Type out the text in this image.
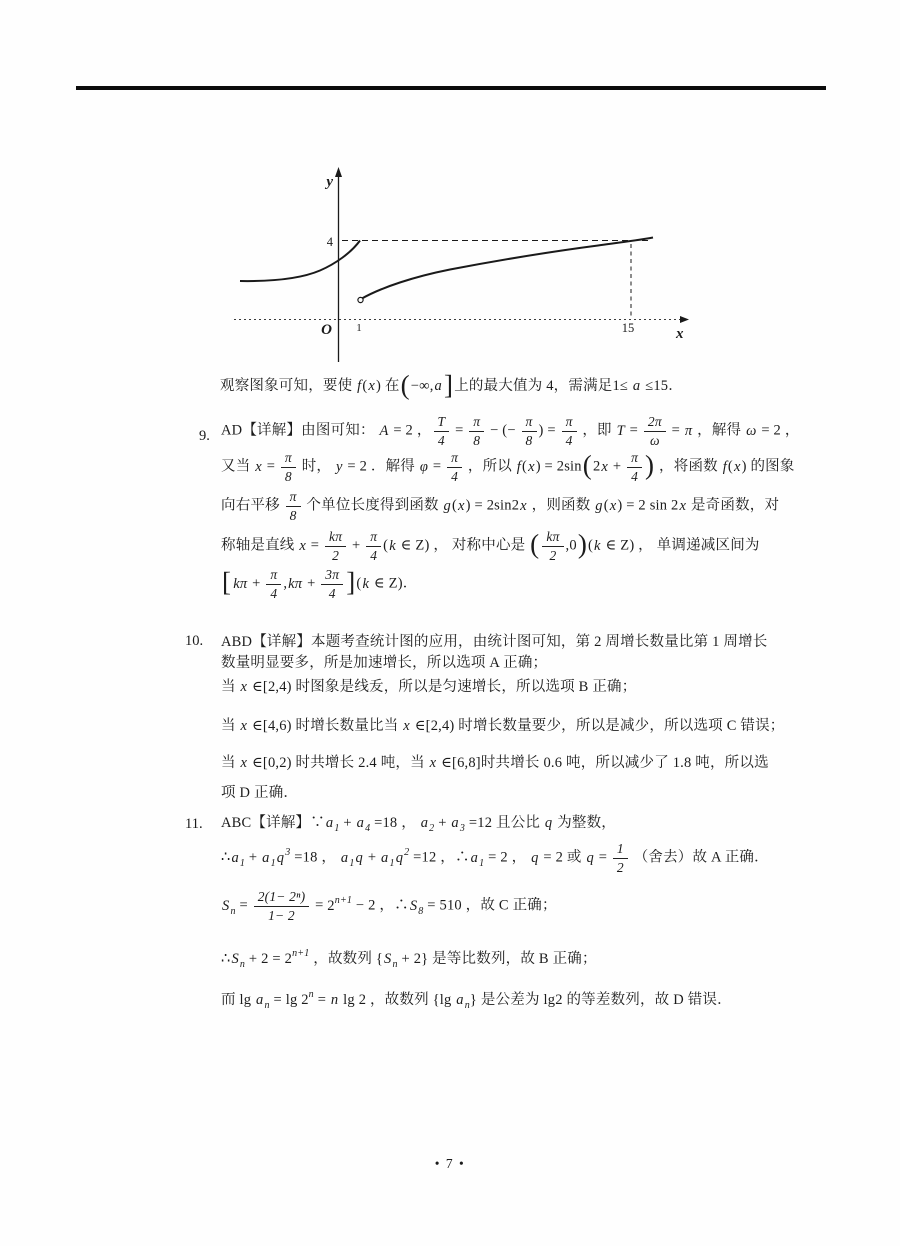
y
4
O 1	15	x
观察图象可知，要使 f(x) 在(−∞,a]上的最大值为 4，需满足1≤ a ≤15．
9. AD【详解】由图可知： A = 2 ， $\frac{T}{4} = \frac{\pi}{8}$ − (− $\frac{\pi}{8}$ ) = $\frac{\pi}{4}$ ，即 $T = \frac{2\pi}{\omega} = \pi$ ，解得 ω = 2 ，
又当 $x = \frac{\pi}{8}$ 时， y = 2 ．解得 $\varphi = \frac{\pi}{4}$ ，所以 $f(x) = 2\sin(2x + \frac{\pi}{4}$ ) ，将函数 f(x) 的图象
向右平移 $\frac{\pi}{8}$ 个单位长度得到函数 g(x) = 2sin2x ，则函数 g(x) = 2 sin 2x 是奇函数，对
称轴是直线 $x = \frac{k\pi}{2} + \frac{\pi}{4} (k$ ∈ Z) ， 对称中心是 ( $\frac{k\pi}{2} ,0)(k$ ∈ Z) ， 单调递减区间为
[ $k\pi + \frac{\pi}{4} ,k\pi + \frac{3\pi}{4} ](k$ ∈ Z)．
10. ABD【详解】本题考查统计图的应用，由统计图可知，第 2 周增长数量比第 1 周增长
数量明显要多，所是加速增长，所以选项 A 正确；
当 x ∈[2,4) 时图象是线叐，所以是匀速增长，所以选项 B 正确；
当 x ∈[4,6) 时增长数量比当 x ∈[2,4) 时增长数量要少，所以是减少，所以选项 C 错误；
当 x ∈[0,2) 时共增长 2.4 吨，当 x ∈[6,8]时共增长 0.6 吨，所以减少了 1.8 吨，所以选
项 D 正确．
11. ABC【详解】$\because a_1 + a_4 =18$ ， $a_2 + a_3 =12$ 且公比 q 为整数，
$\therefore a_1 + a_1q^3 =18$ ， $a_1q + a_1q^2 =12$ ，$\therefore a_1 = 2$ ， q = 2 或 $q = \frac{1}{2}$ （舍去）故 A 正确．
$S_n = \frac{\text{2(1− 2ⁿ)}}{1- 2} = 2^{n+1} - 2$ ，$\therefore S_8 = 510$ ，故 C 正确；
$\therefore S_n + 2 = 2^{n+1}$ ，故数列 $\{S_n + 2\}$ 是等比数列，故 B 正确；
而 $\lg a_n = \lg 2^n = n$ lg 2 ，故数列 {lg $a_n$} 是公差为 lg2 的等差数列，故 D 错误．
• 7 •
